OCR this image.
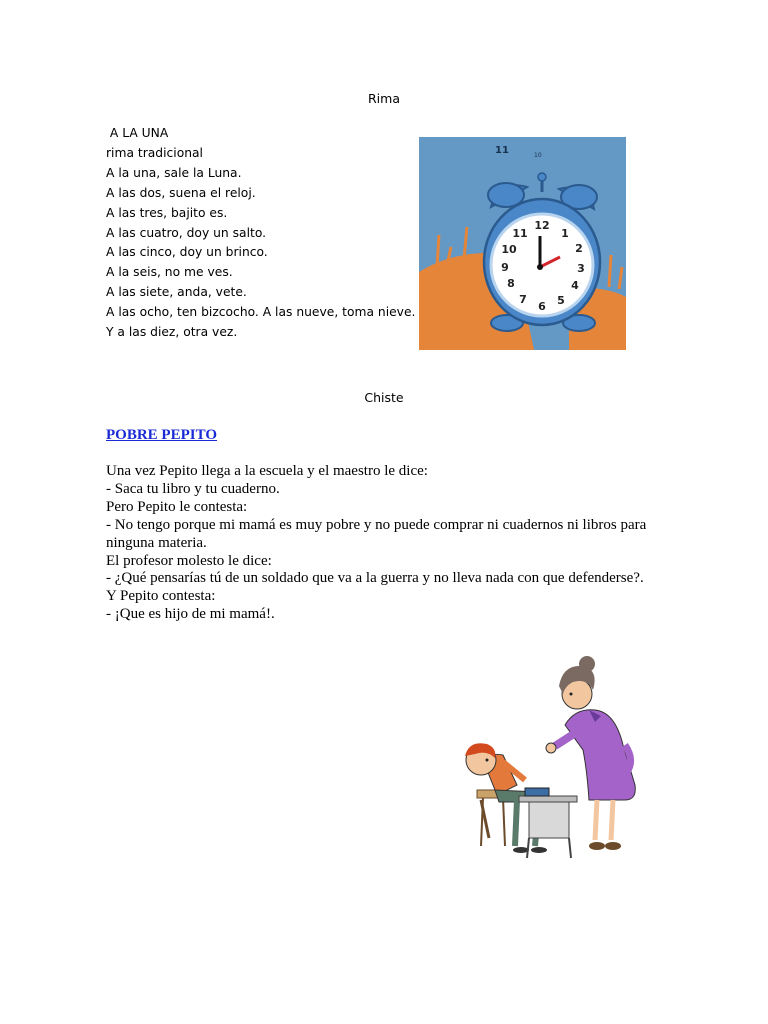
Rima
A LA UNA
rima tradicional
A la una, sale la Luna.
A las dos, suena el reloj.
A las tres, bajito es.
A las cuatro, doy un salto.
A las cinco, doy un brinco.
A la seis, no me ves.
A las siete, anda, vete.
A las ocho, ten bizcocho. A las nueve, toma nieve.
Y a las diez, otra vez.
11	10
12
1
2
3
4
5
6
7
8
9
10
11
Chiste
POBRE PEPITO
Una vez Pepito llega a la escuela y el maestro le dice:
- Saca tu libro y tu cuaderno.
Pero Pepito le contesta:
- No tengo porque mi mamá es muy pobre y no puede comprar ni cuadernos ni libros para ninguna materia.
El profesor molesto le dice:
- ¿Qué pensarías tú de un soldado que va a la guerra y no lleva nada con que defenderse?.
Y Pepito contesta:
- ¡Que es hijo de mi mamá!.
